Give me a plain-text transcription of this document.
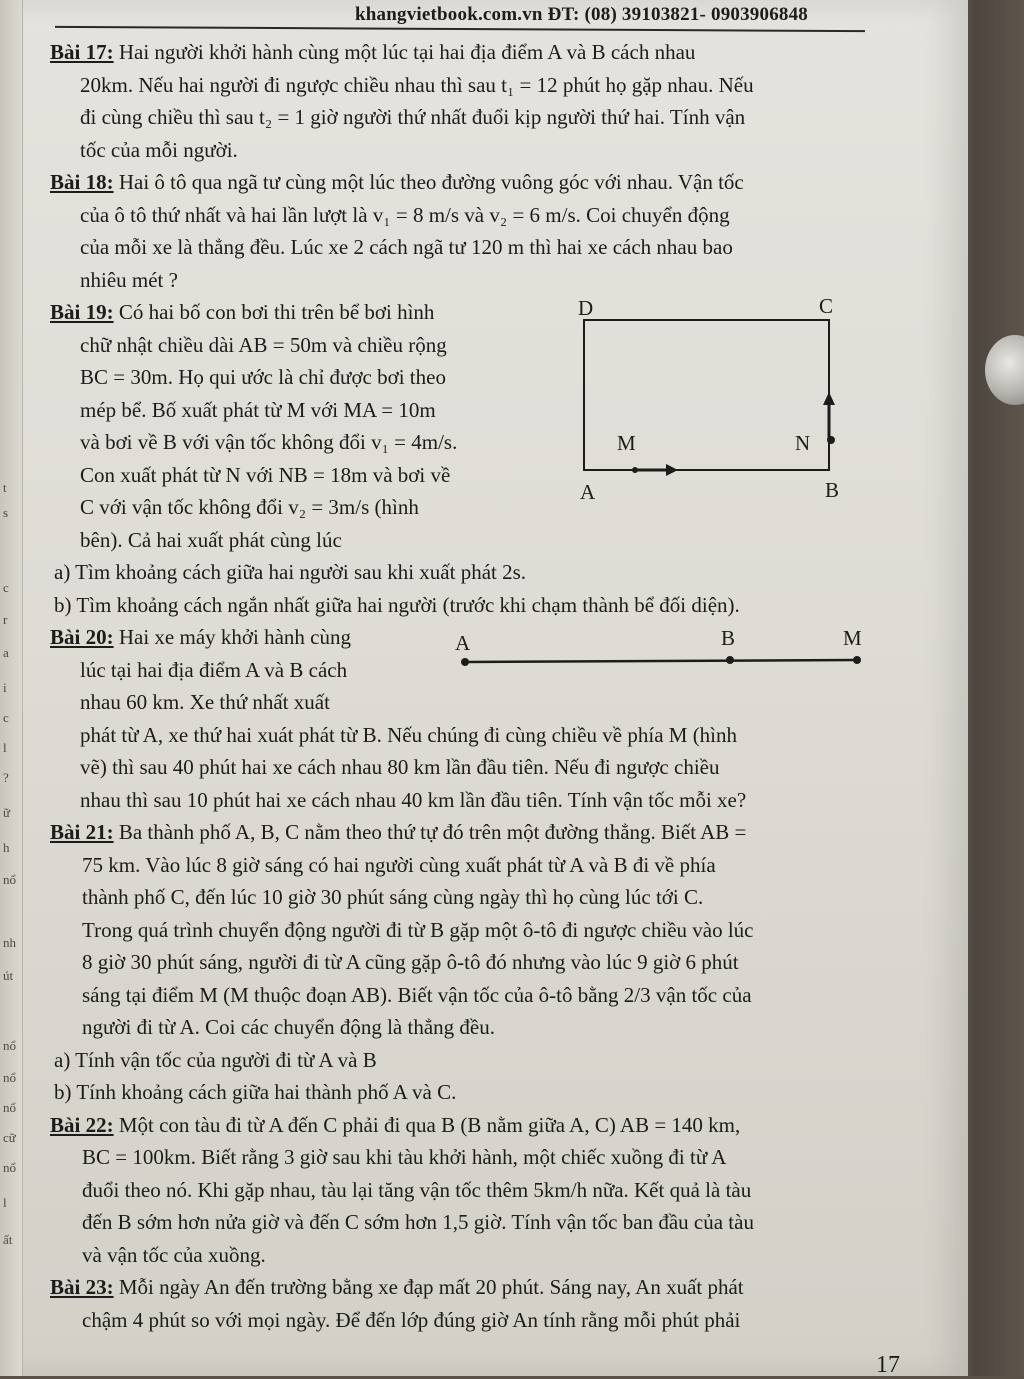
t
s
c
r
a
i
c
l
?
ữ
h
nổ
nh
út
nổ
nổ
nổ
cữ
nổ
l
ất
khangvietbook.com.vn ĐT: (08) 39103821- 0903906848
Bài 17: Hai người khởi hành cùng một lúc tại hai địa điểm A và B cách nhau
20km. Nếu hai người đi ngược chiều nhau thì sau t₁ = 12 phút họ gặp nhau. Nếu
đi cùng chiều thì sau t₂ = 1 giờ người thứ nhất đuổi kịp người thứ hai. Tính vận
tốc của mỗi người.
Bài 18: Hai ô tô qua ngã tư cùng một lúc theo đường vuông góc với nhau. Vận tốc
của ô tô thứ nhất và hai lần lượt là v₁ = 8 m/s và v₂ = 6 m/s. Coi chuyển động
của mỗi xe là thẳng đều. Lúc xe 2 cách ngã tư 120 m thì hai xe cách nhau bao
nhiêu mét ?
Bài 19: Có hai bố con bơi thi trên bể bơi hình
chữ nhật chiều dài AB = 50m và chiều rộng
BC = 30m. Họ qui ước là chỉ được bơi theo
mép bể. Bố xuất phát từ M với MA = 10m
và bơi về B với vận tốc không đổi v₁ = 4m/s.
Con xuất phát từ N với NB = 18m và bơi về
C với vận tốc không đổi v₂ = 3m/s (hình
bên). Cả hai xuất phát cùng lúc
a) Tìm khoảng cách giữa hai người sau khi xuất phát 2s.
b) Tìm khoảng cách ngắn nhất giữa hai người (trước khi chạm thành bể đối diện).
Bài 20: Hai xe máy khởi hành cùng
lúc tại hai địa điểm A và B cách
nhau 60 km. Xe thứ nhất xuất
phát từ A, xe thứ hai xuát phát từ B. Nếu chúng đi cùng chiều về phía M (hình
vẽ) thì sau 40 phút hai xe cách nhau 80 km lần đầu tiên. Nếu đi ngược chiều
nhau thì sau 10 phút hai xe cách nhau 40 km lần đầu tiên. Tính vận tốc mỗi xe?
Bài 21: Ba thành phố A, B, C nằm theo thứ tự đó trên một đường thẳng. Biết AB =
75 km. Vào lúc 8 giờ sáng có hai người cùng xuất phát từ A và B đi về phía
thành phố C, đến lúc 10 giờ 30 phút sáng cùng ngày thì họ cùng lúc tới C.
Trong quá trình chuyển động người đi từ B gặp một ô-tô đi ngược chiều vào lúc
8 giờ 30 phút sáng, người đi từ A cũng gặp ô-tô đó nhưng vào lúc 9 giờ 6 phút
sáng tại điểm M (M thuộc đoạn AB). Biết vận tốc của ô-tô bằng 2/3 vận tốc của
người đi từ A. Coi các chuyển động là thẳng đều.
a) Tính vận tốc của người đi từ A và B
b) Tính khoảng cách giữa hai thành phố A và C.
Bài 22: Một con tàu đi từ A đến C phải đi qua B (B nằm giữa A, C) AB = 140 km,
BC = 100km. Biết rằng 3 giờ sau khi tàu khởi hành, một chiếc xuồng đi từ A
đuổi theo nó. Khi gặp nhau, tàu lại tăng vận tốc thêm 5km/h nữa. Kết quả là tàu
đến B sớm hơn nửa giờ và đến C sớm hơn 1,5 giờ. Tính vận tốc ban đầu của tàu
và vận tốc của xuồng.
Bài 23: Mỗi ngày An đến trường bằng xe đạp mất 20 phút. Sáng nay, An xuất phát
chậm 4 phút so với mọi ngày. Để đến lớp đúng giờ An tính rằng mỗi phút phải
D	C
A	B
M	N
A	B	M
17
